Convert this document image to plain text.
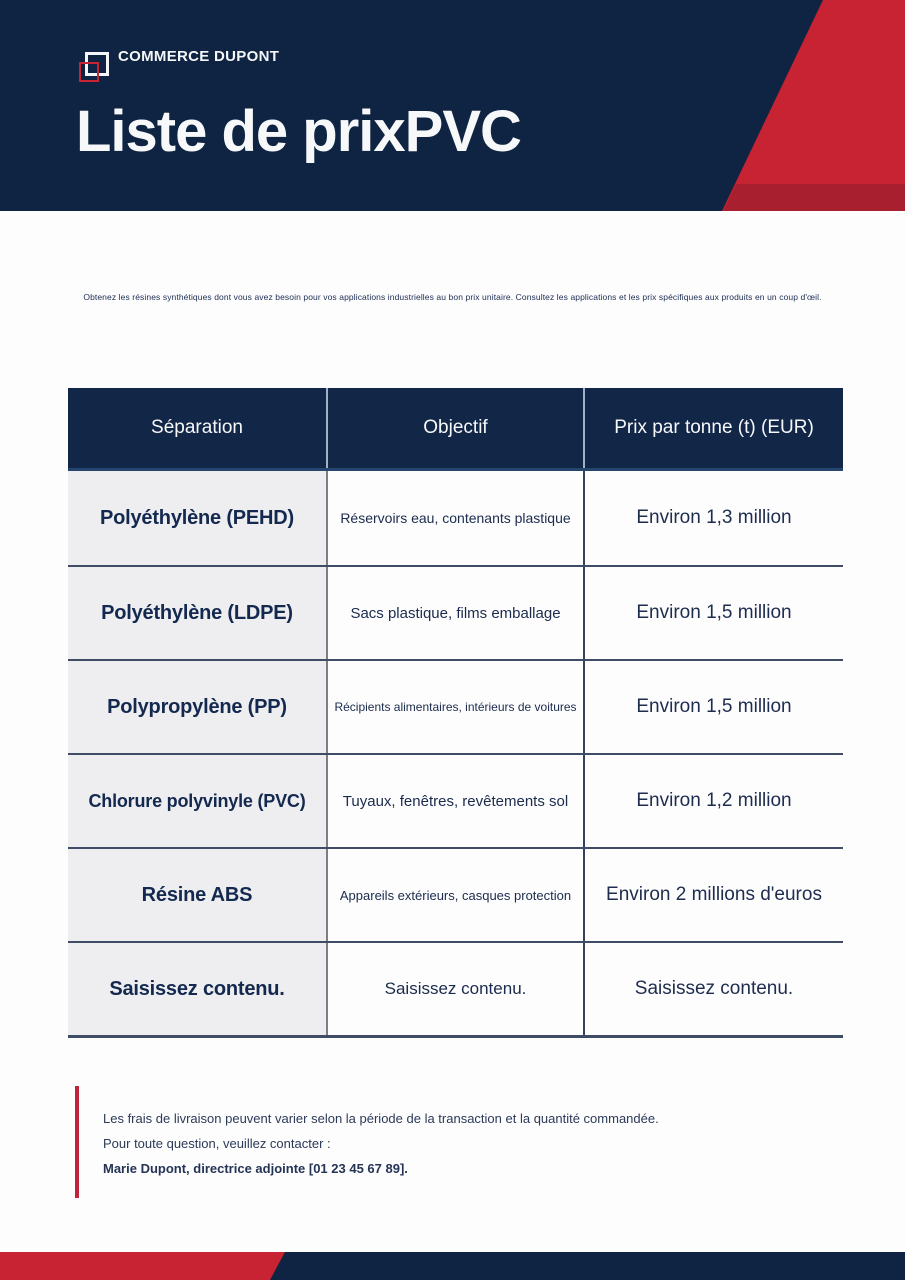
COMMERCE DUPONT
Liste de prixPVC
Obtenez les résines synthétiques dont vous avez besoin pour vos applications industrielles au bon prix unitaire. Consultez les applications et les prix spécifiques aux produits en un coup d'œil.
Séparation	Objectif	Prix par tonne (t) (EUR)
Polyéthylène (PEHD)	Réservoirs eau, contenants plastique	Environ 1,3 million
Polyéthylène (LDPE)	Sacs plastique, films emballage	Environ 1,5 million
Polypropylène (PP)	Récipients alimentaires, intérieurs de voitures	Environ 1,5 million
Chlorure polyvinyle (PVC)	Tuyaux, fenêtres, revêtements sol	Environ 1,2 million
Résine ABS	Appareils extérieurs, casques protection	Environ 2 millions d'euros
Saisissez contenu.	Saisissez contenu.	Saisissez contenu.
Les frais de livraison peuvent varier selon la période de la transaction et la quantité commandée.
Pour toute question, veuillez contacter :
Marie Dupont, directrice adjointe [01 23 45 67 89].
